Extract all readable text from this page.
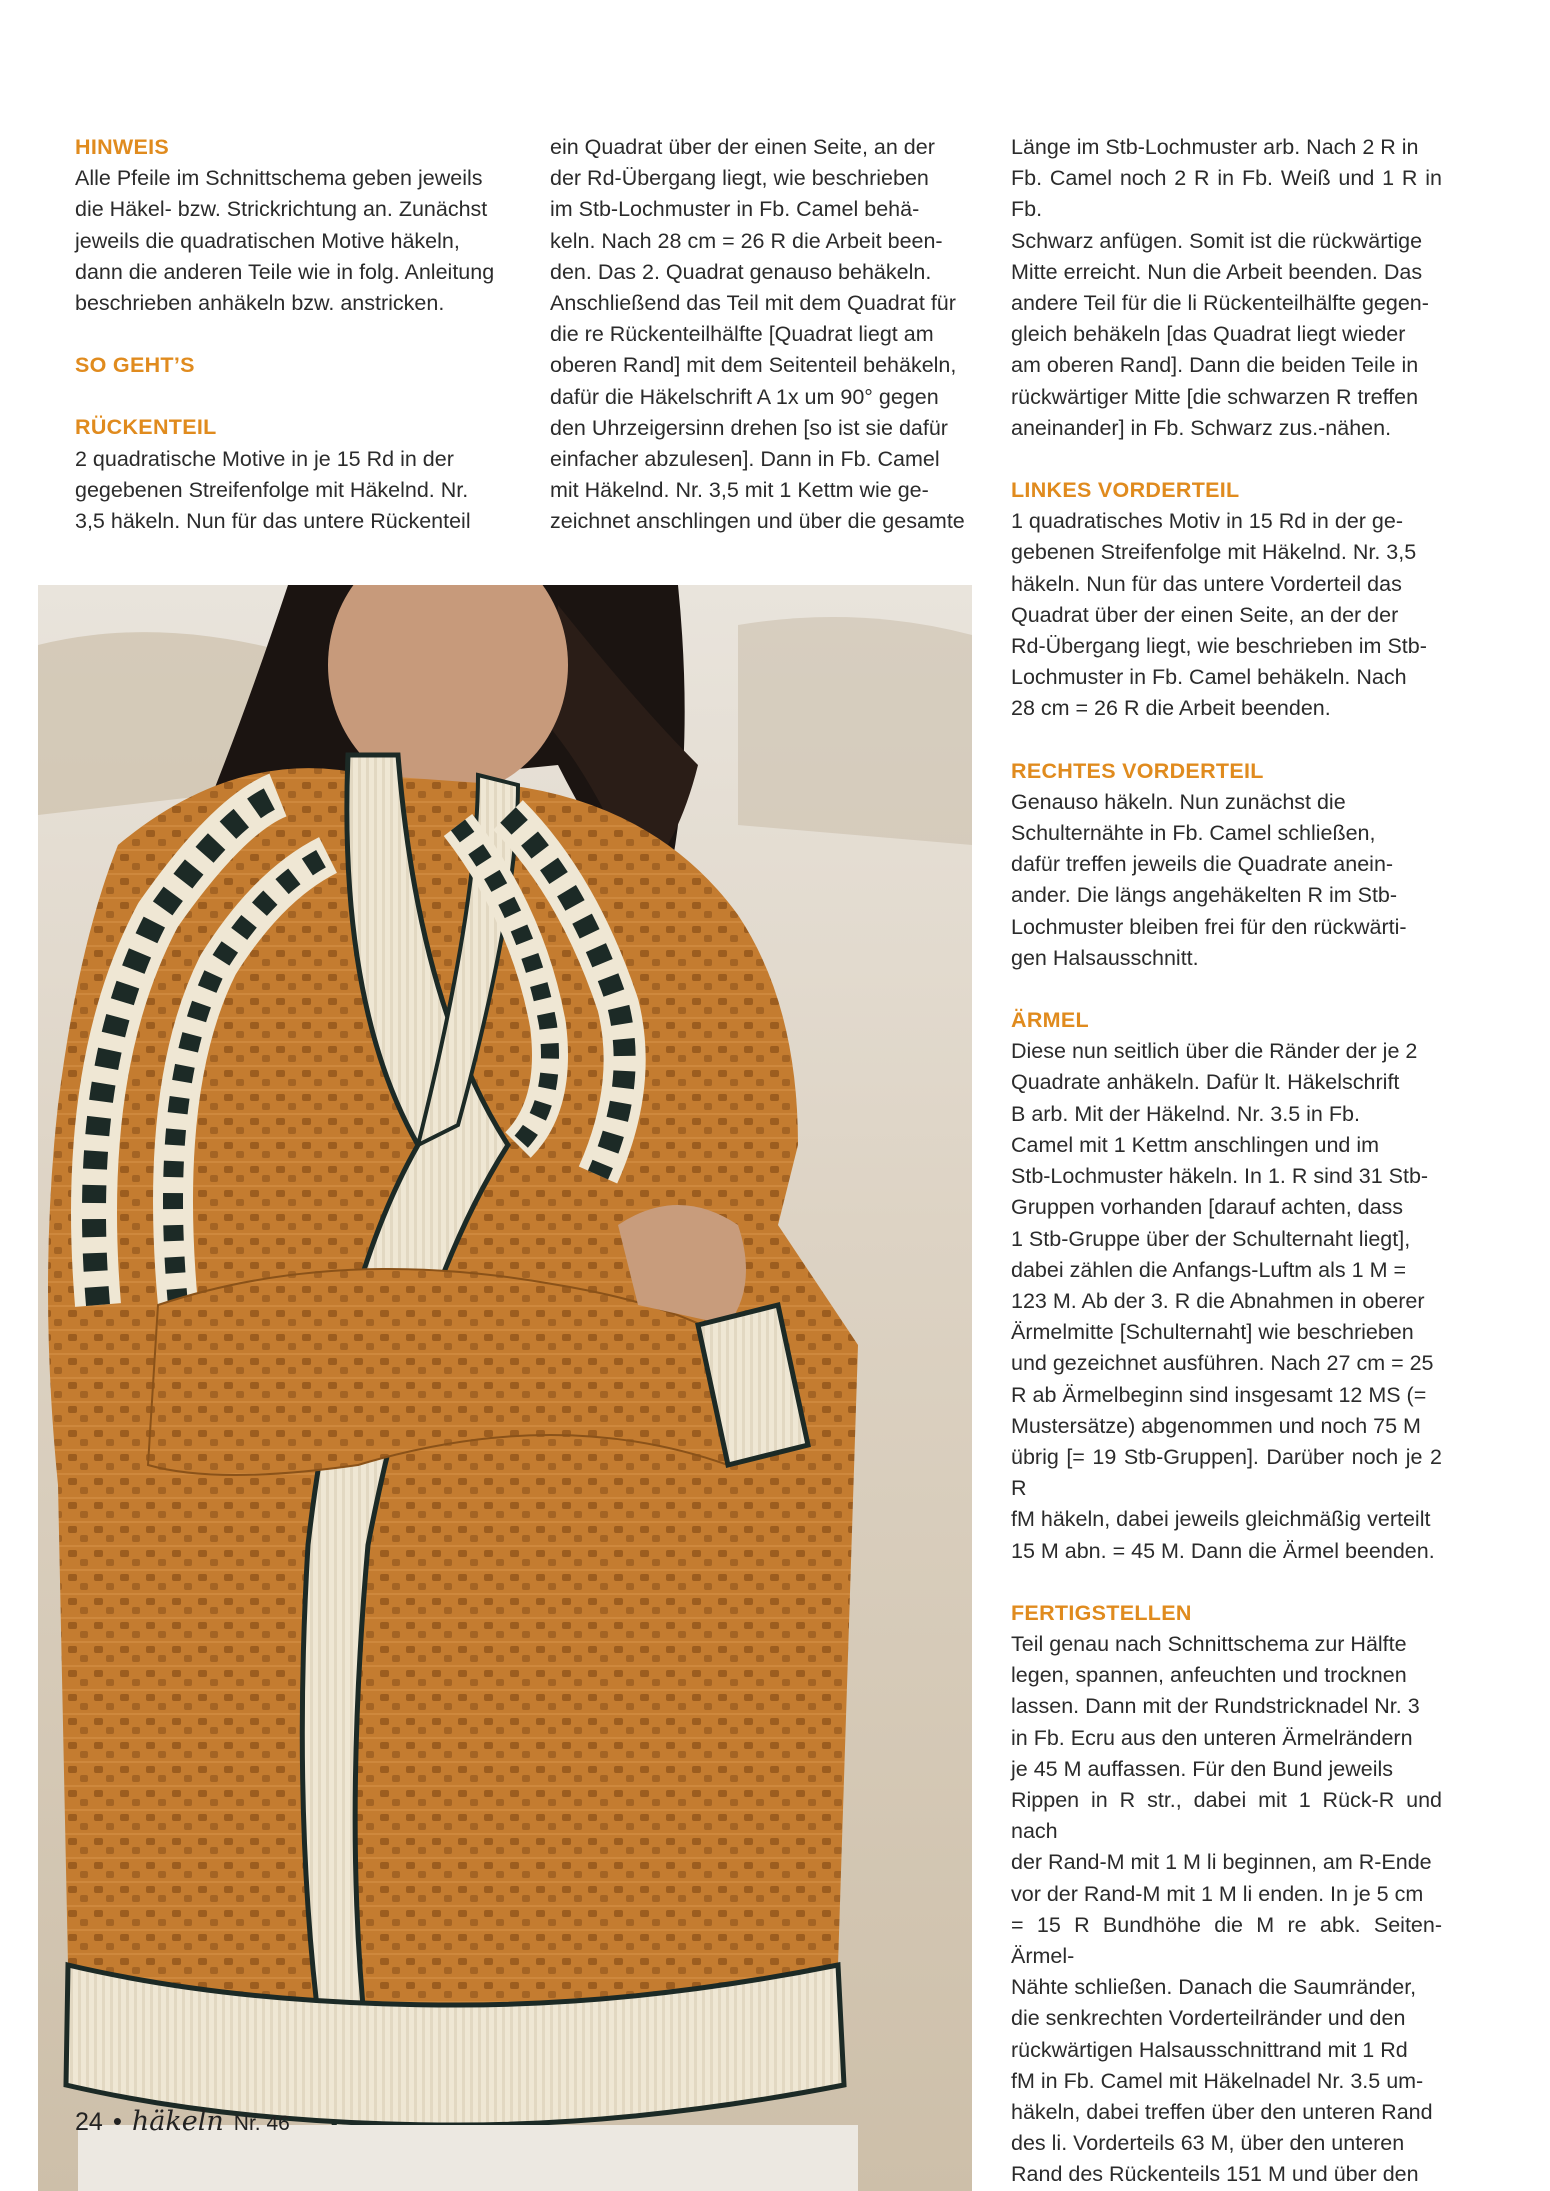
HINWEIS

Alle Pfeile im Schnittschema geben jeweils

die Häkel- bzw. Strickrichtung an. Zunächst

jeweils die quadratischen Motive häkeln,

dann die anderen Teile wie in folg. Anleitung

beschrieben anhäkeln bzw. anstricken.

SO GEHT’S
RÜCKENTEIL

2 quadratische Motive in je 15 Rd in der

gegebenen Streifenfolge mit Häkelnd. Nr.

3,5 häkeln. Nun für das untere Rückenteil

ein Quadrat über der einen Seite, an der

der Rd-Übergang liegt, wie beschrieben

im Stb-Lochmuster in Fb. Camel behä-

keln. Nach 28 cm = 26 R die Arbeit been-

den. Das 2. Quadrat genauso behäkeln.

Anschließend das Teil mit dem Quadrat für

die re Rückenteilhälfte [Quadrat liegt am

oberen Rand] mit dem Seitenteil behäkeln,

dafür die Häkelschrift A 1x um 90° gegen

den Uhrzeigersinn drehen [so ist sie dafür

einfacher abzulesen]. Dann in Fb. Camel

mit Häkelnd. Nr. 3,5 mit 1 Kettm wie ge-

zeichnet anschlingen und über die gesamte

Länge im Stb-Lochmuster arb. Nach 2 R in

Fb. Camel noch 2 R in Fb. Weiß und 1 R in Fb.

Schwarz anfügen. Somit ist die rückwärtige

Mitte erreicht. Nun die Arbeit beenden. Das

andere Teil für die li Rückenteilhälfte gegen-

gleich behäkeln [das Quadrat liegt wieder

am oberen Rand]. Dann die beiden Teile in

rückwärtiger Mitte [die schwarzen R treffen

aneinander] in Fb. Schwarz zus.-nähen.

LINKES VORDERTEIL

1 quadratisches Motiv in 15 Rd in der ge-

gebenen Streifenfolge mit Häkelnd. Nr. 3,5

häkeln. Nun für das untere Vorderteil das

Quadrat über der einen Seite, an der der

Rd-Übergang liegt, wie beschrieben im Stb-

Lochmuster in Fb. Camel behäkeln. Nach

28 cm = 26 R die Arbeit beenden.

RECHTES VORDERTEIL

Genauso häkeln. Nun zunächst die

Schulternähte in Fb. Camel schließen,

dafür treffen jeweils die Quadrate anein-

ander. Die längs angehäkelten R im Stb-

Lochmuster bleiben frei für den rückwärti-

gen Halsausschnitt.

ÄRMEL

Diese nun seitlich über die Ränder der je 2

Quadrate anhäkeln. Dafür lt. Häkelschrift

B arb. Mit der Häkelnd. Nr. 3.5 in Fb.

Camel mit 1 Kettm anschlingen und im

Stb-Lochmuster häkeln. In 1. R sind 31 Stb-

Gruppen vorhanden [darauf achten, dass

1 Stb-Gruppe über der Schulternaht liegt],

dabei zählen die Anfangs-Luftm als 1 M =

123 M. Ab der 3. R die Abnahmen in oberer

Ärmelmitte [Schulternaht] wie beschrieben

und gezeichnet ausführen. Nach 27 cm = 25

R ab Ärmelbeginn sind insgesamt 12 MS (=

Mustersätze) abgenommen und noch 75 M

übrig [= 19 Stb-Gruppen]. Darüber noch je 2 R

fM häkeln, dabei jeweils gleichmäßig verteilt

15 M abn. = 45 M. Dann die Ärmel beenden.

FERTIGSTELLEN

Teil genau nach Schnittschema zur Hälfte

legen, spannen, anfeuchten und trocknen

lassen. Dann mit der Rundstricknadel Nr. 3

in Fb. Ecru aus den unteren Ärmelrändern

je 45 M auffassen. Für den Bund jeweils

Rippen in R str., dabei mit 1 Rück-R und nach

der Rand-M mit 1 M li beginnen, am R-Ende

vor der Rand-M mit 1 M li enden. In je 5 cm

= 15 R Bundhöhe die M re abk. Seiten-Ärmel-

Nähte schließen. Danach die Saumränder,

die senkrechten Vorderteilränder und den

rückwärtigen Halsausschnittrand mit 1 Rd

fM in Fb. Camel mit Häkelnadel Nr. 3.5 um-

häkeln, dabei treffen über den unteren Rand

des li. Vorderteils 63 M, über den unteren

Rand des Rückenteils 151 M und über den

24 • häkeln Nr. 46
